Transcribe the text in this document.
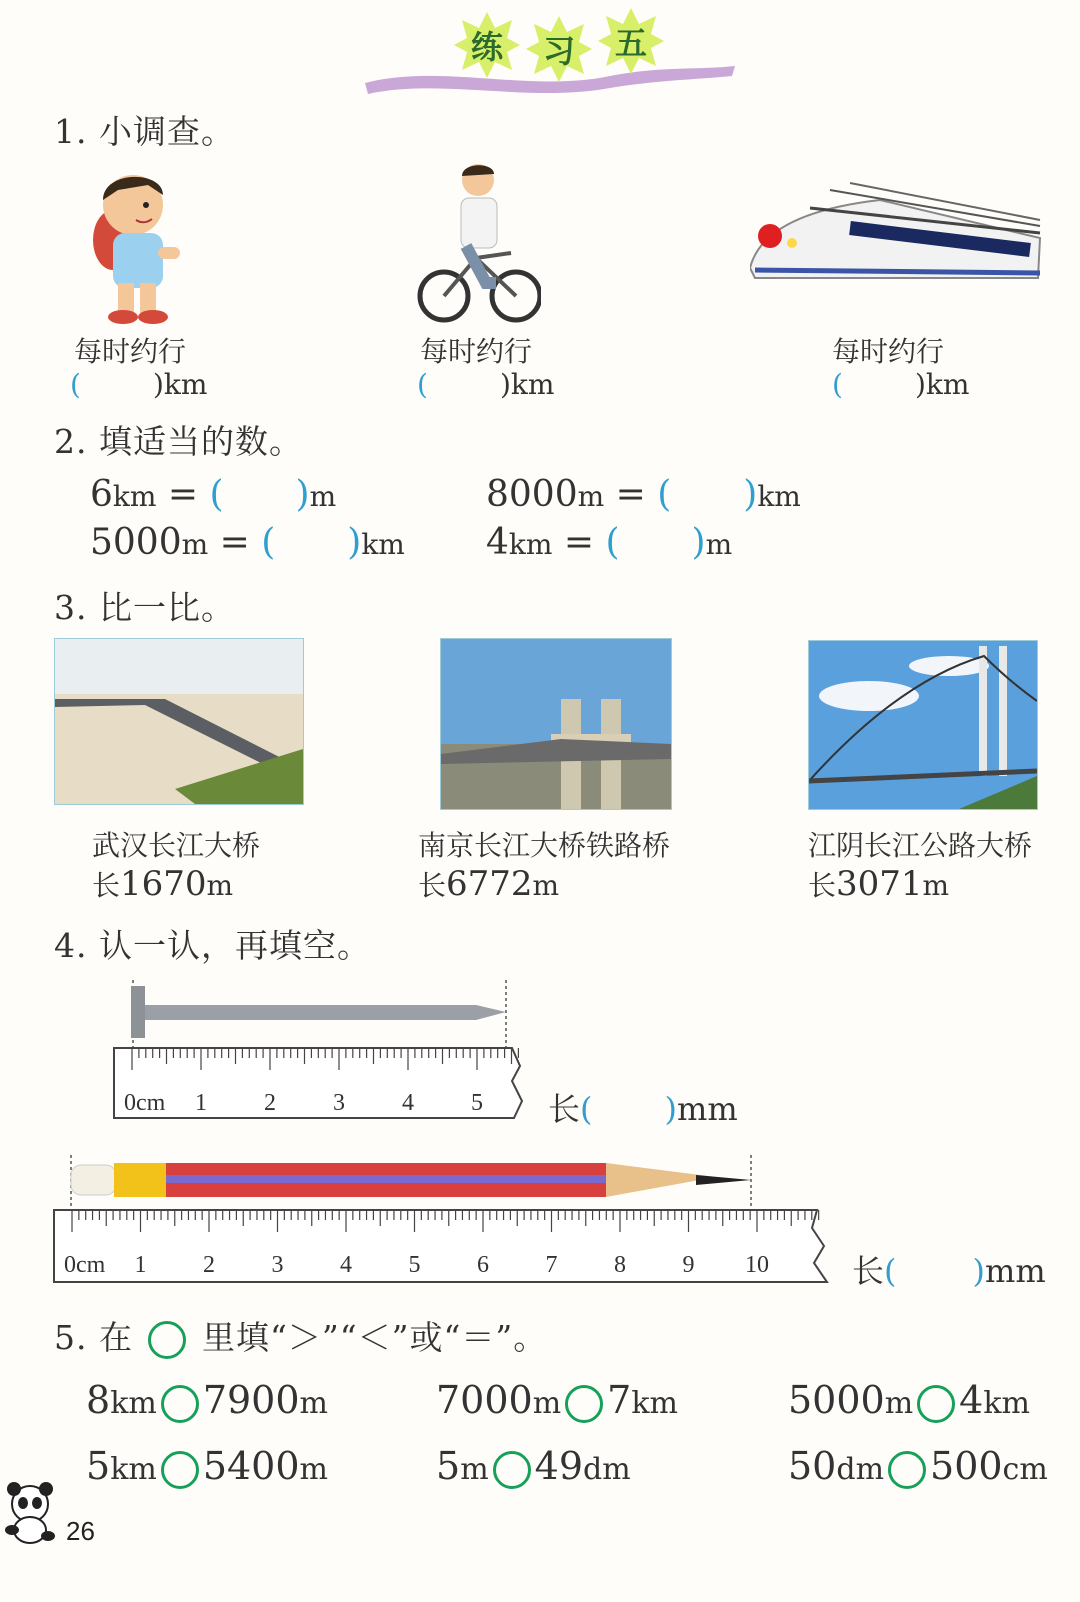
练	习	五
1. 小调查。
每时约行
(	)km
每时约行
(	)km
每时约行
(	)km
2. 填适当的数。
6km = ( )m	8000m = ( )km
5000m = ( )km 4km = ( )m
3. 比一比。
武汉长江大桥
长1670m
南京长江大桥铁路桥
长6772m
江阴长江公路大桥
长3071m
4. 认一认，再填空。
0cm 1 2 3 4 5 长( )mm
0cm 1 2 3 4 5 6 7 8 9 10	长( )mm
5. 在 里填“＞”“＜”或“＝”。
8km 7900m	7000m 7km	5000m 4km
5km 5400m	5m 49dm	50dm 500cm
26
